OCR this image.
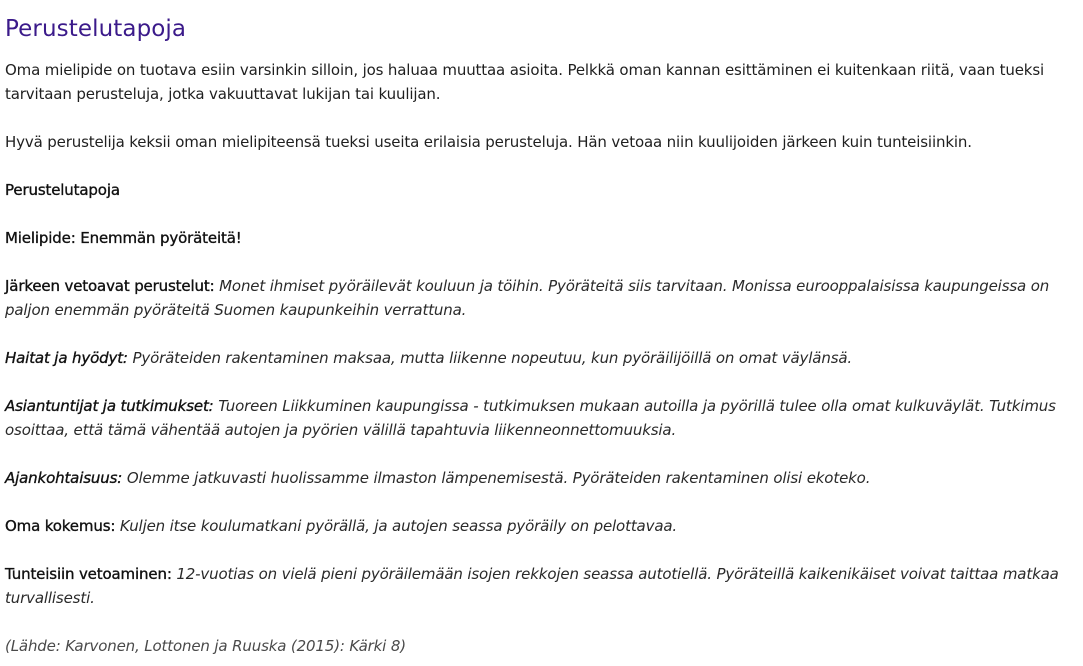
Perustelutapoja

Oma mielipide on tuotava esiin varsinkin silloin, jos haluaa muuttaa asioita. Pelkkä oman kannan esittäminen ei kuitenkaan riitä, vaan tueksi tarvitaan perusteluja, jotka vakuuttavat lukijan tai kuulijan.

Hyvä perustelija keksii oman mielipiteensä tueksi useita erilaisia perusteluja. Hän vetoaa niin kuulijoiden järkeen kuin tunteisiinkin.

Perustelutapoja

Mielipide: Enemmän pyöräteitä!

Järkeen vetoavat perustelut: Monet ihmiset pyöräilevät kouluun ja töihin. Pyöräteitä siis tarvitaan. Monissa eurooppalaisissa kaupungeissa on paljon enemmän pyöräteitä Suomen kaupunkeihin verrattuna.

Haitat ja hyödyt: Pyöräteiden rakentaminen maksaa, mutta liikenne nopeutuu, kun pyöräilijöillä on omat väylänsä.

Asiantuntijat ja tutkimukset: Tuoreen Liikkuminen kaupungissa - tutkimuksen mukaan autoilla ja pyörillä tulee olla omat kulkuväylät. Tutkimus osoittaa, että tämä vähentää autojen ja pyörien välillä tapahtuvia liikenneonnettomuuksia.

Ajankohtaisuus: Olemme jatkuvasti huolissamme ilmaston lämpenemisestä. Pyöräteiden rakentaminen olisi ekoteko.

Oma kokemus: Kuljen itse koulumatkani pyörällä, ja autojen seassa pyöräily on pelottavaa.

Tunteisiin vetoaminen: 12-vuotias on vielä pieni pyöräilemään isojen rekkojen seassa autotiellä. Pyöräteillä kaikenikäiset voivat taittaa matkaa turvallisesti.

(Lähde: Karvonen, Lottonen ja Ruuska (2015): Kärki 8)
